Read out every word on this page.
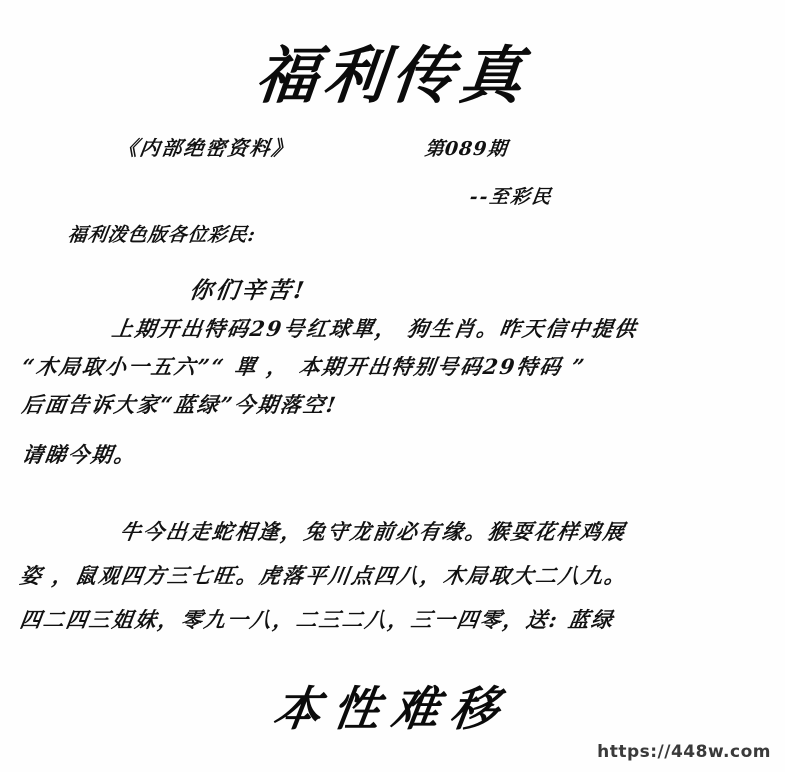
福利传真
《内部绝密资料》	第089期
--至彩民
福利泼色版各位彩民:
你们辛苦!
上期开出特码29号红球單， 狗生肖。昨天信中提供
“木局取小一五六”“ 單 ， 本期开出特别号码29特码 ”
后面告诉大家“蓝绿”今期落空!
请睇今期。
牛今出走蛇相逢，兔守龙前必有缘。猴耍花样鸡展
姿 ，鼠观四方三七旺。虎落平川点四八，木局取大二八九。
四二四三姐妹，零九一八，二三二八，三一四零，送: 蓝绿
本性难移
https://448w.com
